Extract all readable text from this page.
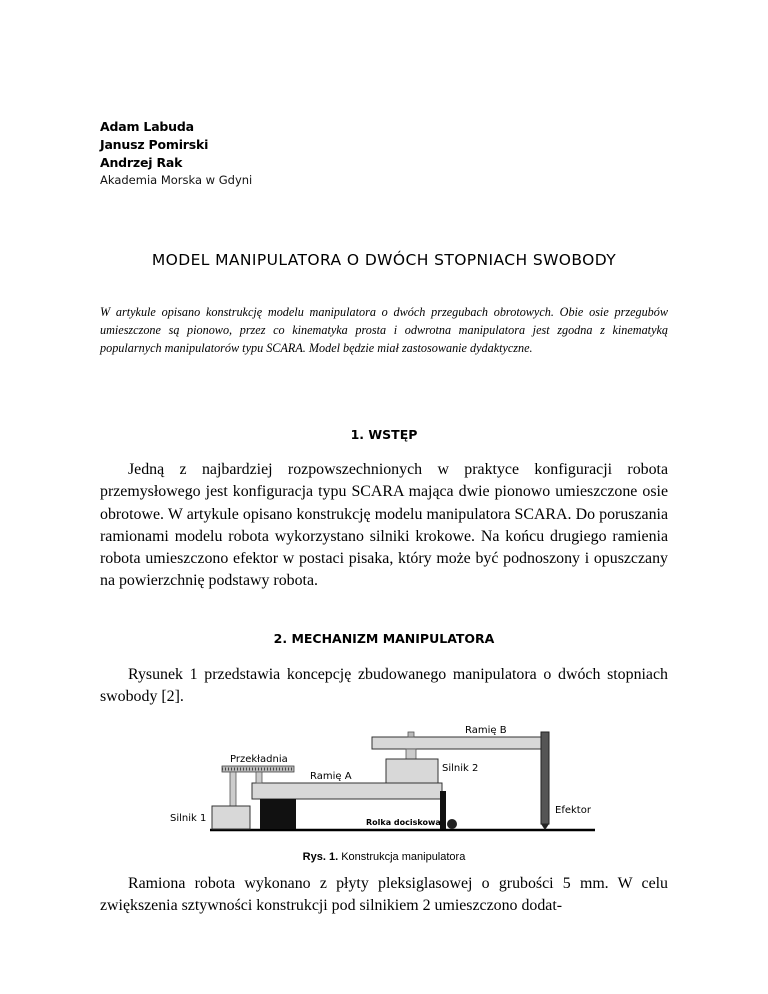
Adam Labuda
Janusz Pomirski
Andrzej Rak
Akademia Morska w Gdyni
MODEL MANIPULATORA O DWÓCH STOPNIACH SWOBODY
W artykule opisano konstrukcję modelu manipulatora o dwóch przegubach obrotowych. Obie osie przegubów umieszczone są pionowo, przez co kinematyka prosta i odwrotna manipulatora jest zgodna z kinematyką popularnych manipulatorów typu SCARA. Model będzie miał zastosowanie dydaktyczne.
1. WSTĘP
Jedną z najbardziej rozpowszechnionych w praktyce konfiguracji robota przemysłowego jest konfiguracja typu SCARA mająca dwie pionowo umieszczone osie obrotowe. W artykule opisano konstrukcję modelu manipulatora SCARA. Do poruszania ramionami modelu robota wykorzystano silniki krokowe. Na końcu drugiego ramienia robota umieszczono efektor w postaci pisaka, który może być podnoszony i opuszczany na powierzchnię podstawy robota.
2. MECHANIZM MANIPULATORA
Rysunek 1 przedstawia koncepcję zbudowanego manipulatora o dwóch stopniach swobody [2].
Ramię B
Silnik 2
Ramię A
Przekładnia
Silnik 1	Rolka dociskowa
Efektor
Rys. 1. Konstrukcja manipulatora
Ramiona robota wykonano z płyty pleksiglasowej o grubości 5 mm. W celu zwiększenia sztywności konstrukcji pod silnikiem 2 umieszczono dodat-
